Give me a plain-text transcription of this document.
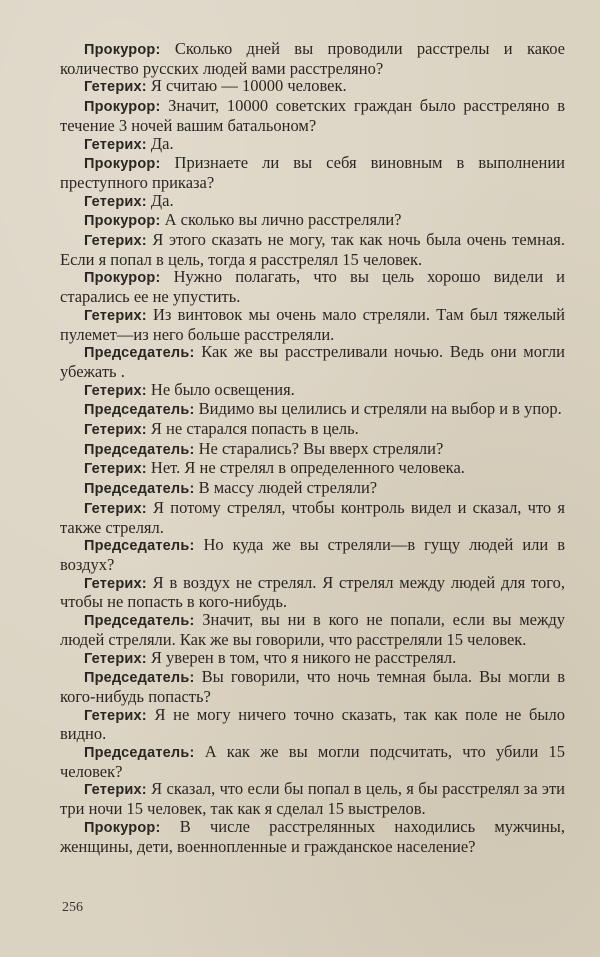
Прокурор: Сколько дней вы проводили расстрелы и какое количество русских людей вами расстреляно?

Гетерих: Я считаю — 10000 человек.

Прокурор: Значит, 10000 советских граждан было расстреляно в течение 3 ночей вашим батальоном?

Гетерих: Да.

Прокурор: Признаете ли вы себя виновным в выполнении преступного приказа?

Гетерих: Да.

Прокурор: А сколько вы лично расстреляли?

Гетерих: Я этого сказать не могу, так как ночь была очень темная. Если я попал в цель, тогда я расстрелял 15 человек.

Прокурор: Нужно полагать, что вы цель хорошо видели и старались ее не упустить.

Гетерих: Из винтовок мы очень мало стреляли. Там был тяжелый пулемет—из него больше расстреляли.

Председатель: Как же вы расстреливали ночью. Ведь они могли убежать .

Гетерих: Не было освещения.

Председатель: Видимо вы целились и стреляли на выбор и в упор.

Гетерих: Я не старался попасть в цель.

Председатель: Не старались? Вы вверх стреляли?

Гетерих: Нет. Я не стрелял в определенного человека.

Председатель: В массу людей стреляли?

Гетерих: Я потому стрелял, чтобы контроль видел и сказал, что я также стрелял.

Председатель: Но куда же вы стреляли—в гущу людей или в воздух?

Гетерих: Я в воздух не стрелял. Я стрелял между людей для того, чтобы не попасть в кого-нибудь.

Председатель: Значит, вы ни в кого не попали, если вы между людей стреляли. Как же вы говорили, что расстреляли 15 человек.

Гетерих: Я уверен в том, что я никого не расстрелял.

Председатель: Вы говорили, что ночь темная была. Вы могли в кого-нибудь попасть?

Гетерих: Я не могу ничего точно сказать, так как поле не было видно.

Председатель: А как же вы могли подсчитать, что убили 15 человек?

Гетерих: Я сказал, что если бы попал в цель, я бы расстрелял за эти три ночи 15 человек, так как я сделал 15 выстрелов.

Прокурор: В числе расстрелянных находились мужчины, женщины, дети, военнопленные и гражданское население?

256
